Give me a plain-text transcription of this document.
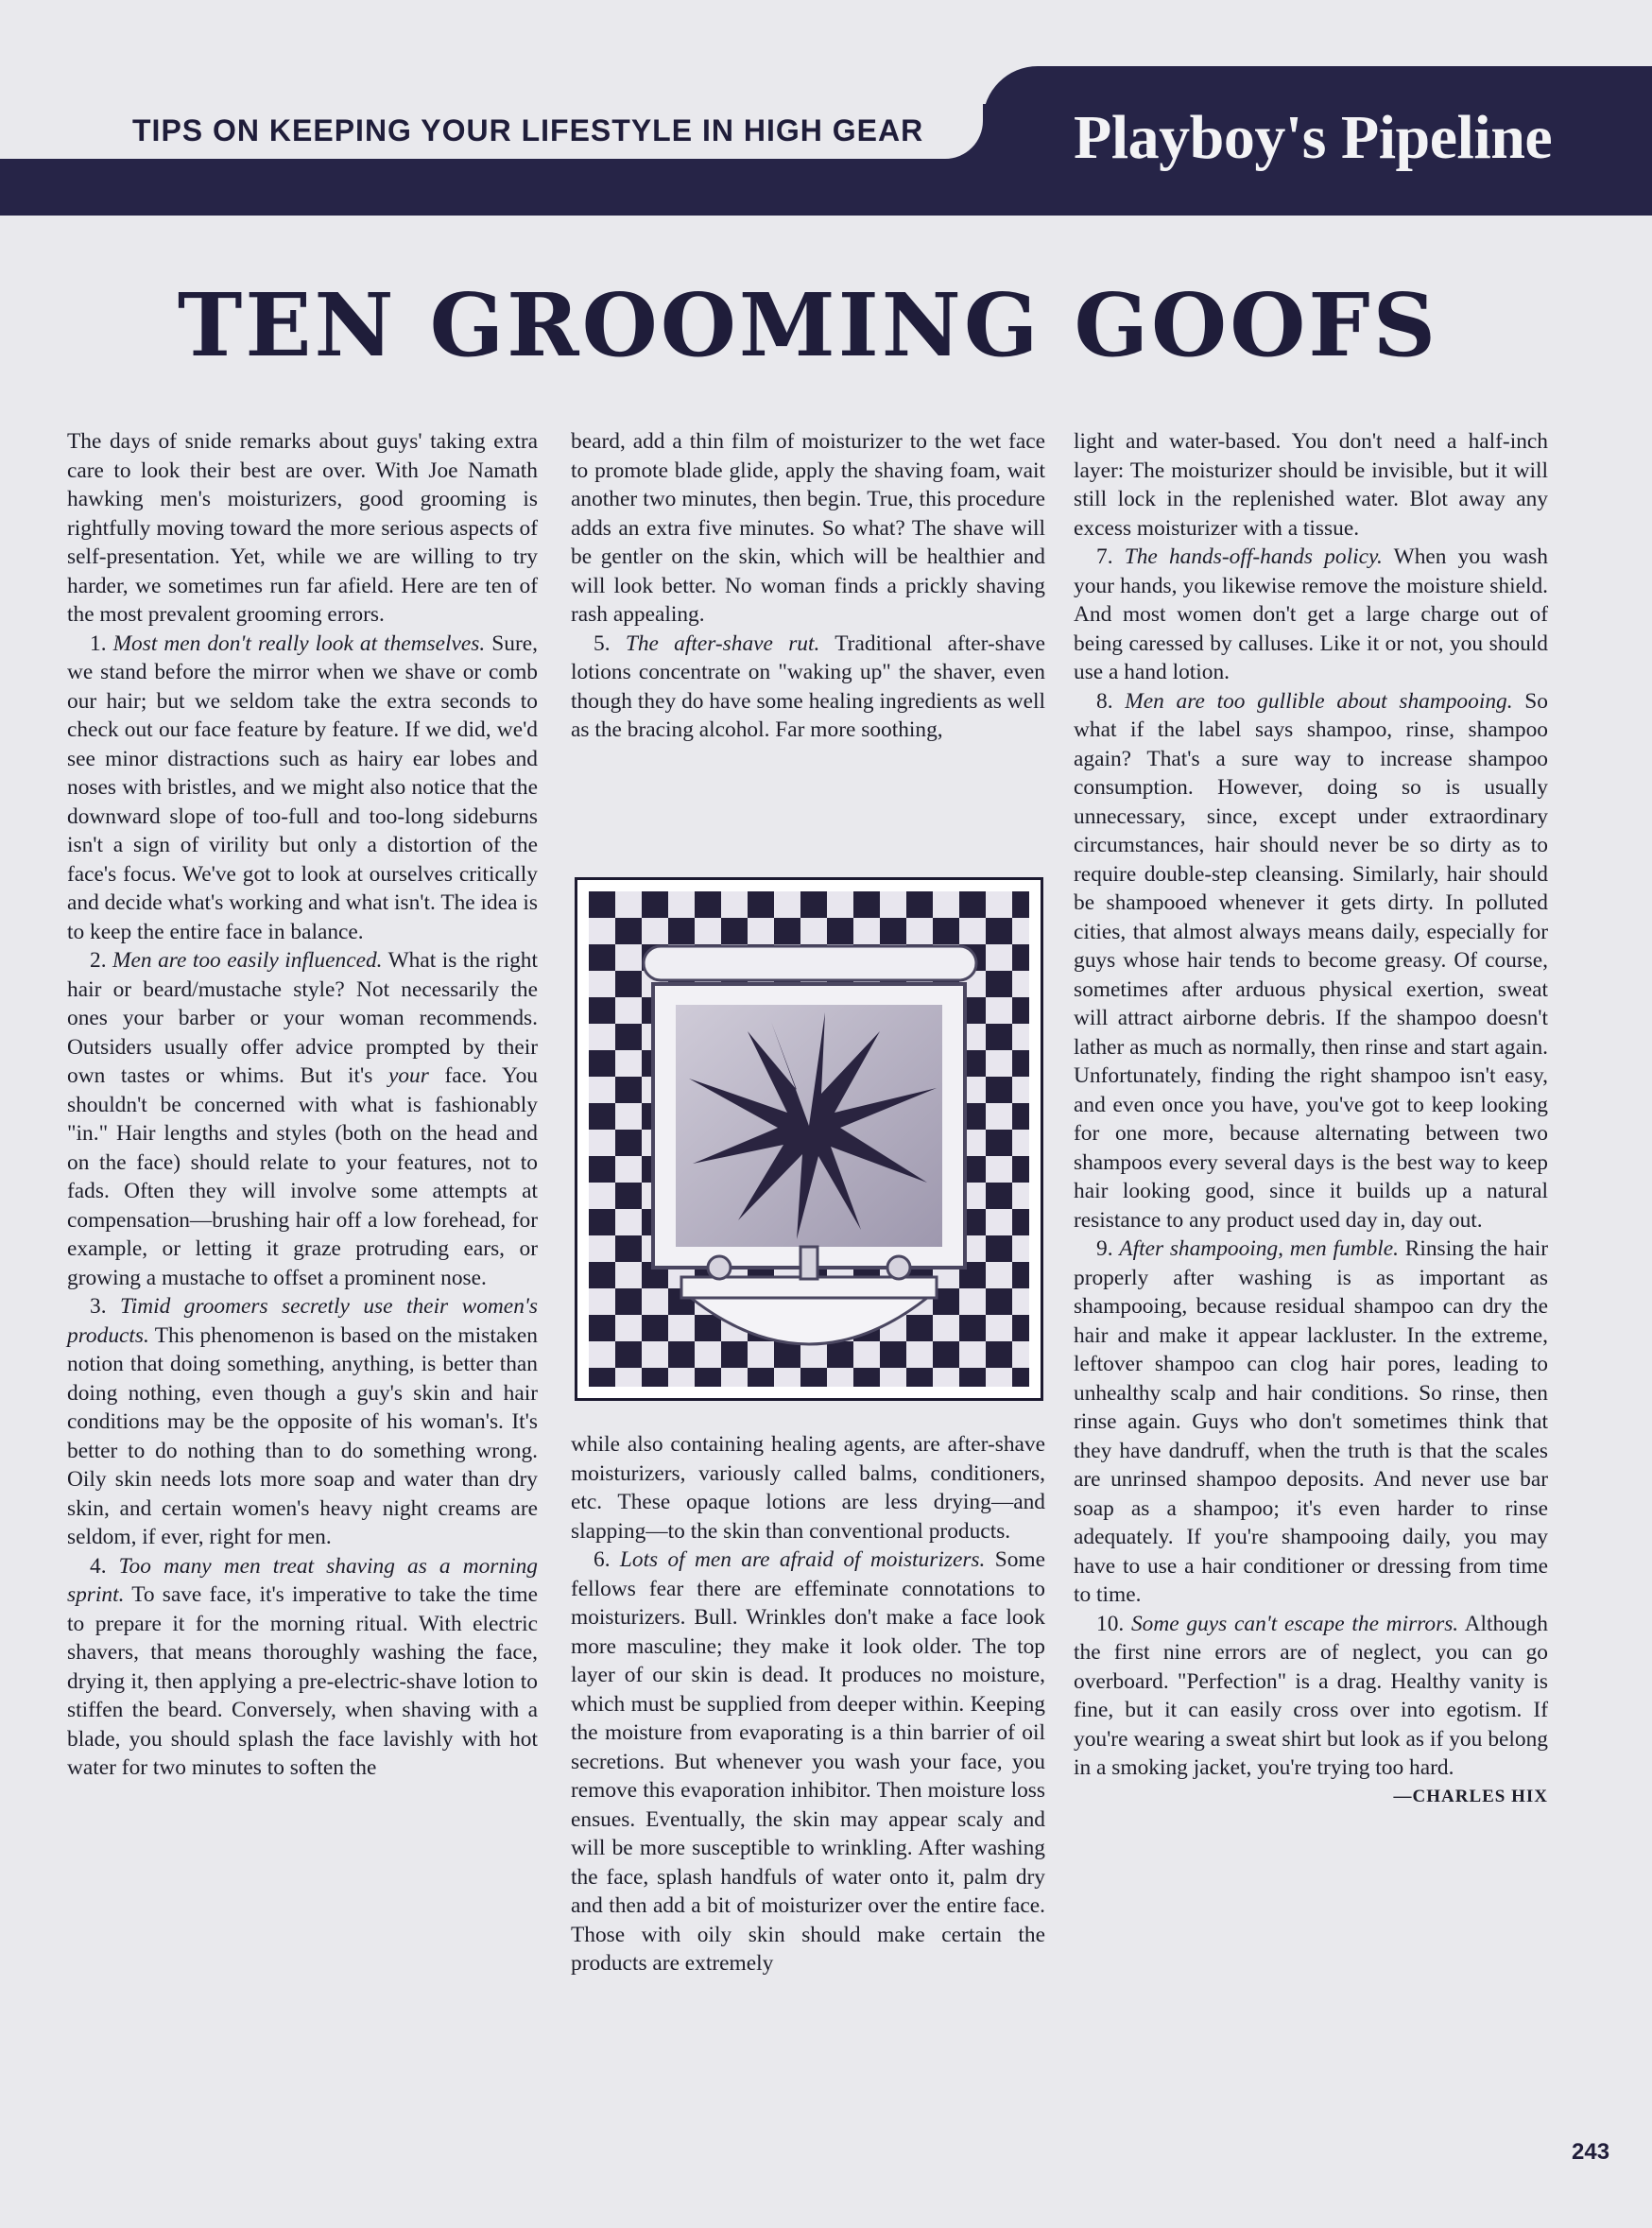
TIPS ON KEEPING YOUR LIFESTYLE IN HIGH GEAR Playboy's Pipeline
TEN GROOMING GOOFS

The days of snide remarks about guys' taking extra care to look their best are over. With Joe Namath hawking men's moisturizers, good grooming is rightfully moving toward the more serious aspects of self-presentation. Yet, while we are willing to try harder, we sometimes run far afield. Here are ten of the most prevalent grooming errors.

1. Most men don't really look at themselves. Sure, we stand before the mirror when we shave or comb our hair; but we seldom take the extra seconds to check out our face feature by feature. If we did, we'd see minor distractions such as hairy ear lobes and noses with bristles, and we might also notice that the downward slope of too-full and too-long sideburns isn't a sign of virility but only a distortion of the face's focus. We've got to look at ourselves critically and decide what's working and what isn't. The idea is to keep the entire face in balance.

2. Men are too easily influenced. What is the right hair or beard/mustache style? Not necessarily the ones your barber or your woman recommends. Outsiders usually offer advice prompted by their own tastes or whims. But it's your face. You shouldn't be concerned with what is fashionably "in." Hair lengths and styles (both on the head and on the face) should relate to your features, not to fads. Often they will involve some attempts at compensation—brushing hair off a low forehead, for example, or letting it graze protruding ears, or growing a mustache to offset a prominent nose.

3. Timid groomers secretly use their women's products. This phenomenon is based on the mistaken notion that doing something, anything, is better than doing nothing, even though a guy's skin and hair conditions may be the opposite of his woman's. It's better to do nothing than to do something wrong. Oily skin needs lots more soap and water than dry skin, and certain women's heavy night creams are seldom, if ever, right for men.

4. Too many men treat shaving as a morning sprint. To save face, it's imperative to take the time to prepare it for the morning ritual. With electric shavers, that means thoroughly washing the face, drying it, then applying a pre-electric-shave lotion to stiffen the beard. Conversely, when shaving with a blade, you should splash the face lavishly with hot water for two minutes to soften the

beard, add a thin film of moisturizer to the wet face to promote blade glide, apply the shaving foam, wait another two minutes, then begin. True, this procedure adds an extra five minutes. So what? The shave will be gentler on the skin, which will be healthier and will look better. No woman finds a prickly shaving rash appealing.

5. The after-shave rut. Traditional after-shave lotions concentrate on "waking up" the shaver, even though they do have some healing ingredients as well as the bracing alcohol. Far more soothing,

while also containing healing agents, are after-shave moisturizers, variously called balms, conditioners, etc. These opaque lotions are less drying—and slapping—to the skin than conventional products.

6. Lots of men are afraid of moisturizers. Some fellows fear there are effeminate connotations to moisturizers. Bull. Wrinkles don't make a face look more masculine; they make it look older. The top layer of our skin is dead. It produces no moisture, which must be supplied from deeper within. Keeping the moisture from evaporating is a thin barrier of oil secretions. But whenever you wash your face, you remove this evaporation inhibitor. Then moisture loss ensues. Eventually, the skin may appear scaly and will be more susceptible to wrinkling. After washing the face, splash handfuls of water onto it, palm dry and then add a bit of moisturizer over the entire face. Those with oily skin should make certain the products are extremely

light and water-based. You don't need a half-inch layer: The moisturizer should be invisible, but it will still lock in the replenished water. Blot away any excess moisturizer with a tissue.

7. The hands-off-hands policy. When you wash your hands, you likewise remove the moisture shield. And most women don't get a large charge out of being caressed by calluses. Like it or not, you should use a hand lotion.

8. Men are too gullible about shampooing. So what if the label says shampoo, rinse, shampoo again? That's a sure way to increase shampoo consumption. However, doing so is usually unnecessary, since, except under extraordinary circumstances, hair should never be so dirty as to require double-step cleansing. Similarly, hair should be shampooed whenever it gets dirty. In polluted cities, that almost always means daily, especially for guys whose hair tends to become greasy. Of course, sometimes after arduous physical exertion, sweat will attract airborne debris. If the shampoo doesn't lather as much as normally, then rinse and start again. Unfortunately, finding the right shampoo isn't easy, and even once you have, you've got to keep looking for one more, because alternating between two shampoos every several days is the best way to keep hair looking good, since it builds up a natural resistance to any product used day in, day out.

9. After shampooing, men fumble. Rinsing the hair properly after washing is as important as shampooing, because residual shampoo can dry the hair and make it appear lackluster. In the extreme, leftover shampoo can clog hair pores, leading to unhealthy scalp and hair conditions. So rinse, then rinse again. Guys who don't sometimes think that they have dandruff, when the truth is that the scales are unrinsed shampoo deposits. And never use bar soap as a shampoo; it's even harder to rinse adequately. If you're shampooing daily, you may have to use a hair conditioner or dressing from time to time.

10. Some guys can't escape the mirrors. Although the first nine errors are of neglect, you can go overboard. "Perfection" is a drag. Healthy vanity is fine, but it can easily cross over into egotism. If you're wearing a sweat shirt but look as if you belong in a smoking jacket, you're trying too hard.
—CHARLES HIX

243
